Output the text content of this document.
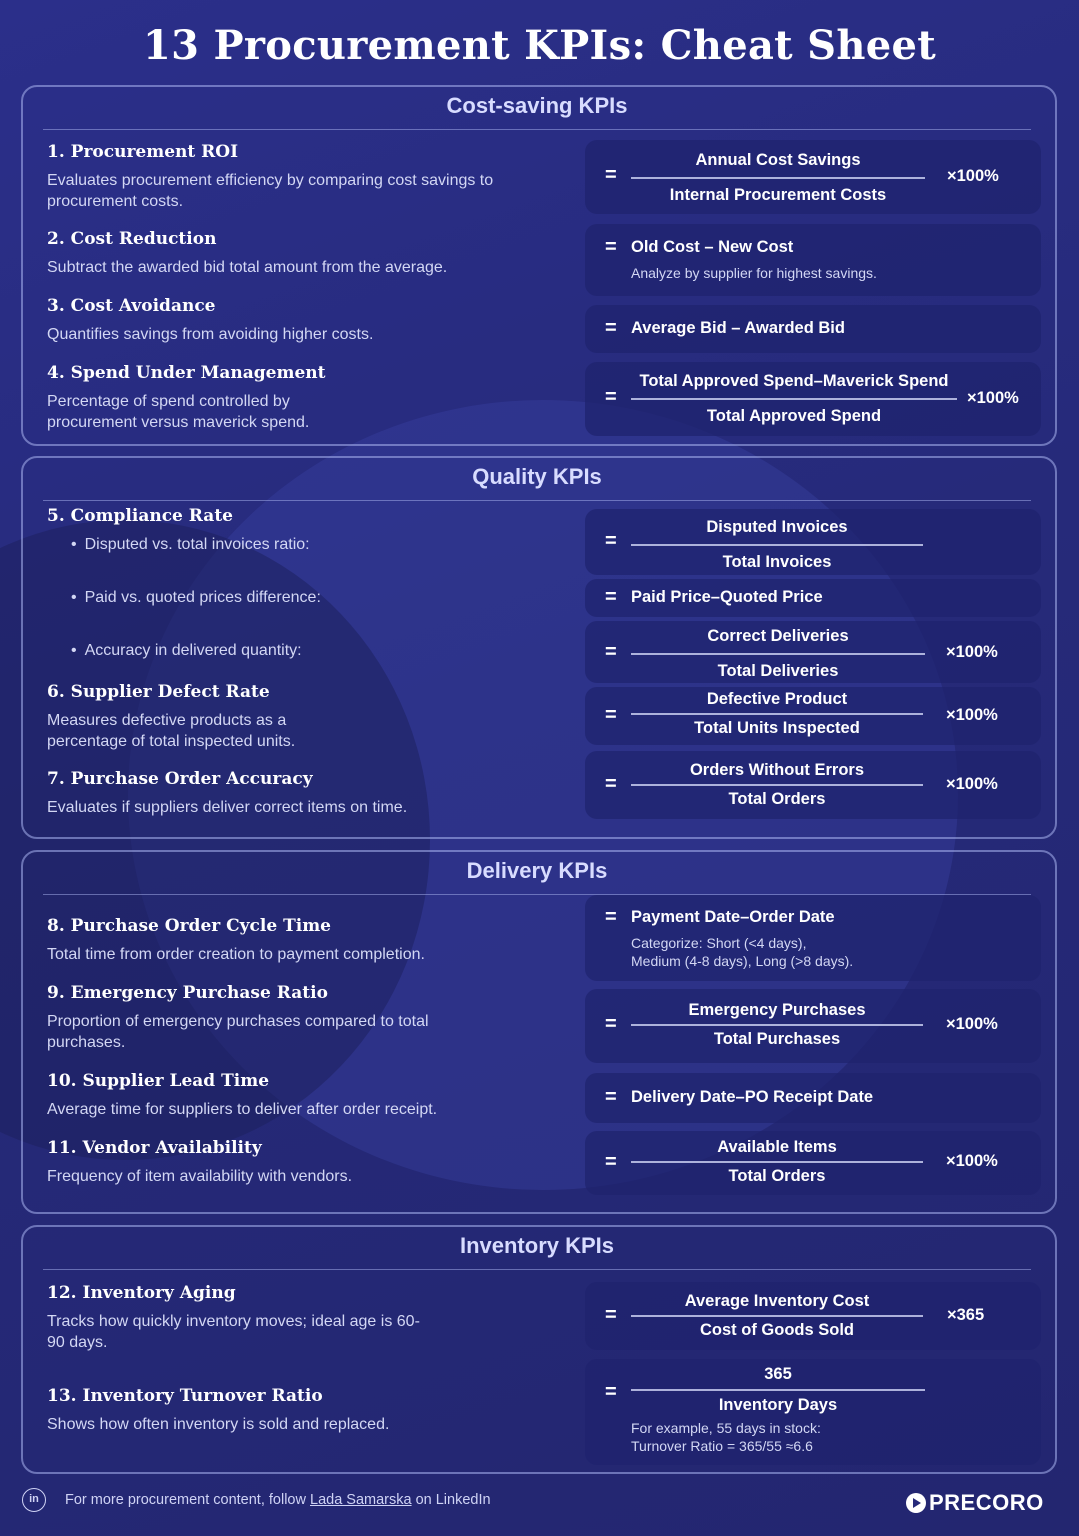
13 Procurement KPIs: Cheat Sheet
Cost-saving KPIs
1. Procurement ROI
Evaluates procurement efficiency by comparing cost savings to procurement costs.
=
Annual Cost Savings
Internal Procurement Costs
×100%
2. Cost Reduction
Subtract the awarded bid total amount from the average.
= Old Cost – New Cost
Analyze by supplier for highest savings.
3. Cost Avoidance
Quantifies savings from avoiding higher costs.	= Average Bid – Awarded Bid
4. Spend Under Management
Percentage of spend controlled by procurement versus maverick spend.
=
Total Approved Spend–Maverick Spend
Total Approved Spend
×100%
Quality KPIs
5. Compliance Rate
• Disputed vs. total invoices ratio:	=
Disputed Invoices
Total Invoices
• Paid vs. quoted prices difference:	= Paid Price–Quoted Price
• Accuracy in delivered quantity:	=
Correct Deliveries
Total Deliveries
×100%
6. Supplier Defect Rate
Measures defective products as a percentage of total inspected units.
=
Defective Product
Total Units Inspected
×100%
7. Purchase Order Accuracy
Evaluates if suppliers deliver correct items on time.
=
Orders Without Errors
Total Orders
×100%
Delivery KPIs
8. Purchase Order Cycle Time
Total time from order creation to payment completion.
= Payment Date–Order Date
Categorize: Short (<4 days),
Medium (4-8 days), Long (>8 days).
9. Emergency Purchase Ratio
Proportion of emergency purchases compared to total purchases.
=
Emergency Purchases
Total Purchases
×100%
10. Supplier Lead Time
Average time for suppliers to deliver after order receipt.
= Delivery Date–PO Receipt Date
11. Vendor Availability
Frequency of item availability with vendors.
=
Available Items
Total Orders
×100%
Inventory KPIs
12. Inventory Aging
Tracks how quickly inventory moves; ideal age is 60-90 days.
=
Average Inventory Cost
Cost of Goods Sold
×365
13. Inventory Turnover Ratio
Shows how often inventory is sold and replaced.
=
365
Inventory Days
For example, 55 days in stock:
Turnover Ratio = 365/55 ≈6.6
in	For more procurement content, follow Lada Samarska on LinkedIn	PRECORO
